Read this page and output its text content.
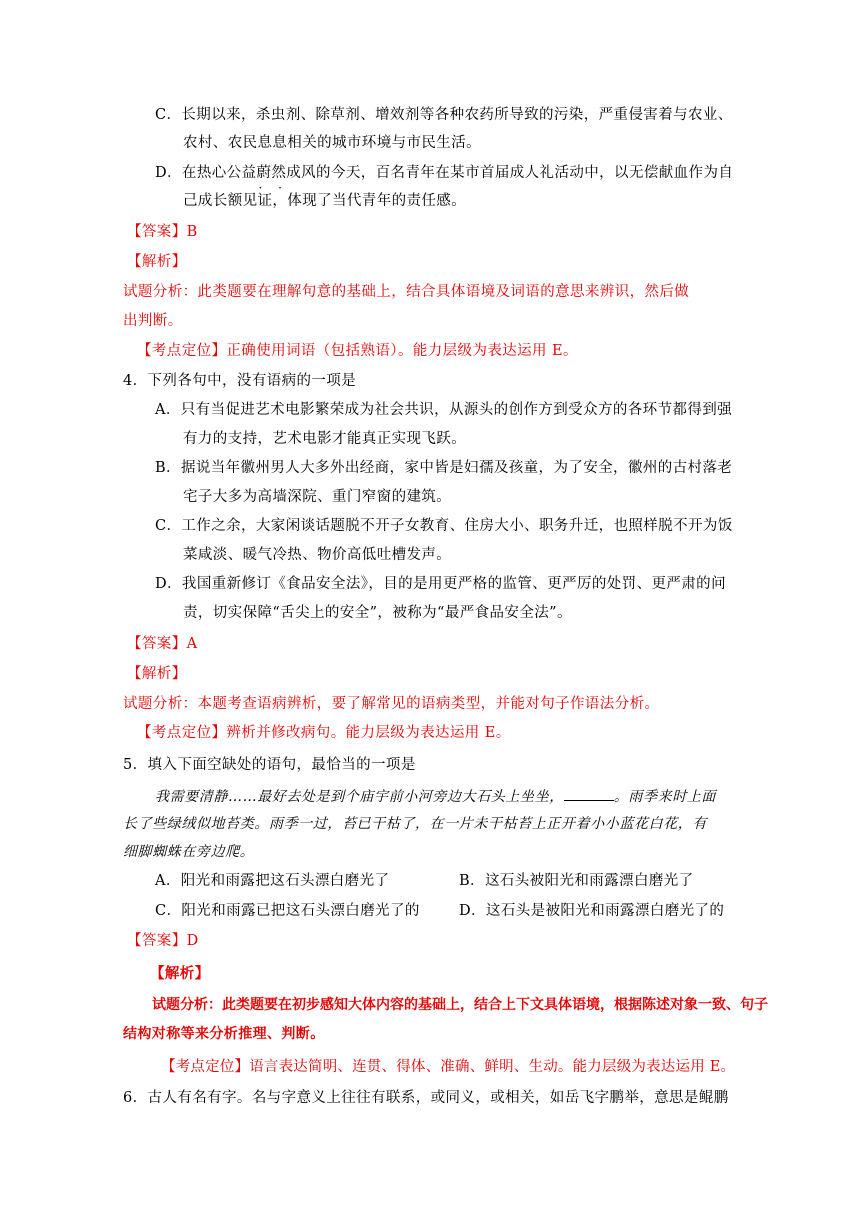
C．长期以来，杀虫剂、除草剂、增效剂等各种农药所导致的污染，严重侵害着与农业、
农村、农民息息相关的城市环境与市民生活。
D．在热心公益蔚然成风 · ·的今天，百名青年在某市首届成人礼活动中，以无偿献血作为自
己成长额见证，体现了当代青年的责任感。
【答案】B
【解析】
试题分析：此类题要在理解句意的基础上，结合具体语境及词语的意思来辨识，然后做
出判断。
【考点定位】正确使用词语（包括熟语）。能力层级为表达运用 E。
4．下列各句中，没有语病的一项是
A．只有当促进艺术电影繁荣成为社会共识，从源头的创作方到受众方的各环节都得到强
有力的支持，艺术电影才能真正实现飞跃。
B．据说当年徽州男人大多外出经商，家中皆是妇孺及孩童，为了安全，徽州的古村落老
宅子大多为高墙深院、重门窄窗的建筑。
C．工作之余，大家闲谈话题脱不开子女教育、住房大小、职务升迁，也照样脱不开为饭
菜咸淡、暖气冷热、物价高低吐槽发声。
D．我国重新修订《食品安全法》，目的是用更严格的监管、更严厉的处罚、更严肃的问
责，切实保障“舌尖上的安全”，被称为“最严食品安全法”。
【答案】A
【解析】
试题分析：本题考查语病辨析，要了解常见的语病类型，并能对句子作语法分析。
【考点定位】辨析并修改病句。能力层级为表达运用 E。
5．填入下面空缺处的语句，最恰当的一项是
我需要清静……最好去处是到个庙宇前小河旁边大石头上坐坐，	。雨季来时上面
长了些绿绒似地苔类。雨季一过，苔已干枯了，在一片未干枯苔上正开着小小蓝花白花，有
细脚蜘蛛在旁边爬。
A．阳光和雨露把这石头漂白磨光了	B．这石头被阳光和雨露漂白磨光了
C．阳光和雨露已把这石头漂白磨光了的	D．这石头是被阳光和雨露漂白磨光了的
【答案】D
【解析】
试题分析：此类题要在初步感知大体内容的基础上，结合上下文具体语境，根据陈述对象一致、句子
结构对称等来分析推理、判断。
【考点定位】语言表达简明、连贯、得体、准确、鲜明、生动。能力层级为表达运用 E。
6．古人有名有字。名与字意义上往往有联系，或同义，或相关，如岳飞字鹏举，意思是鲲鹏
